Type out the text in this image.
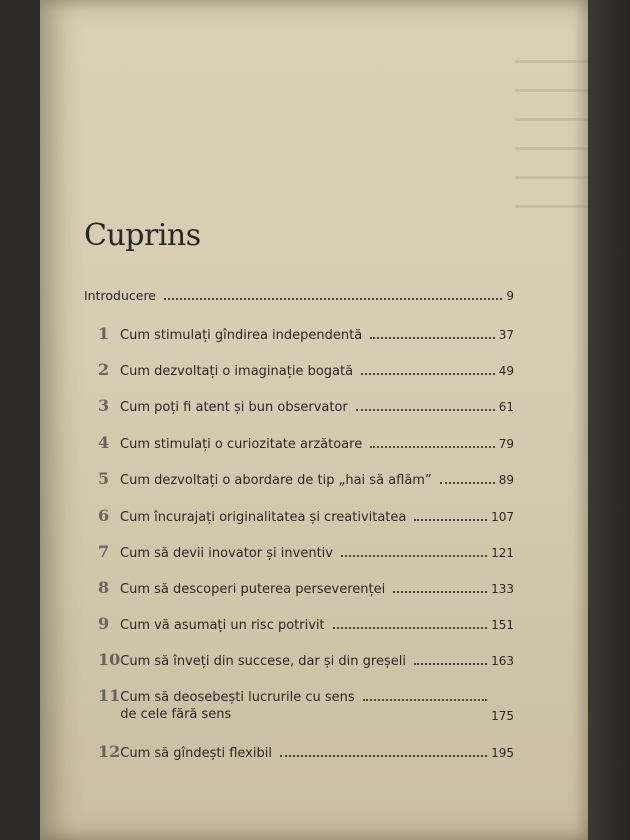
Cuprins
Introducere	9
1 Cum stimulați gîndirea independentă	37
2 Cum dezvoltați o imaginație bogată	49
3 Cum poți fi atent și bun observator	61
4 Cum stimulați o curiozitate arzătoare	79
5 Cum dezvoltați o abordare de tip „hai să aflăm”	89
6 Cum încurajați originalitatea și creativitatea	107
7 Cum să devii inovator și inventiv	121
8 Cum să descoperi puterea perseverenței	133
9 Cum vă asumați un risc potrivit	151
10 Cum să înveți din succese, dar și din greșeli	163
11 Cum să deosebești lucrurile cu sens
de cele fără sens	175
12 Cum să gîndești flexibil	195
